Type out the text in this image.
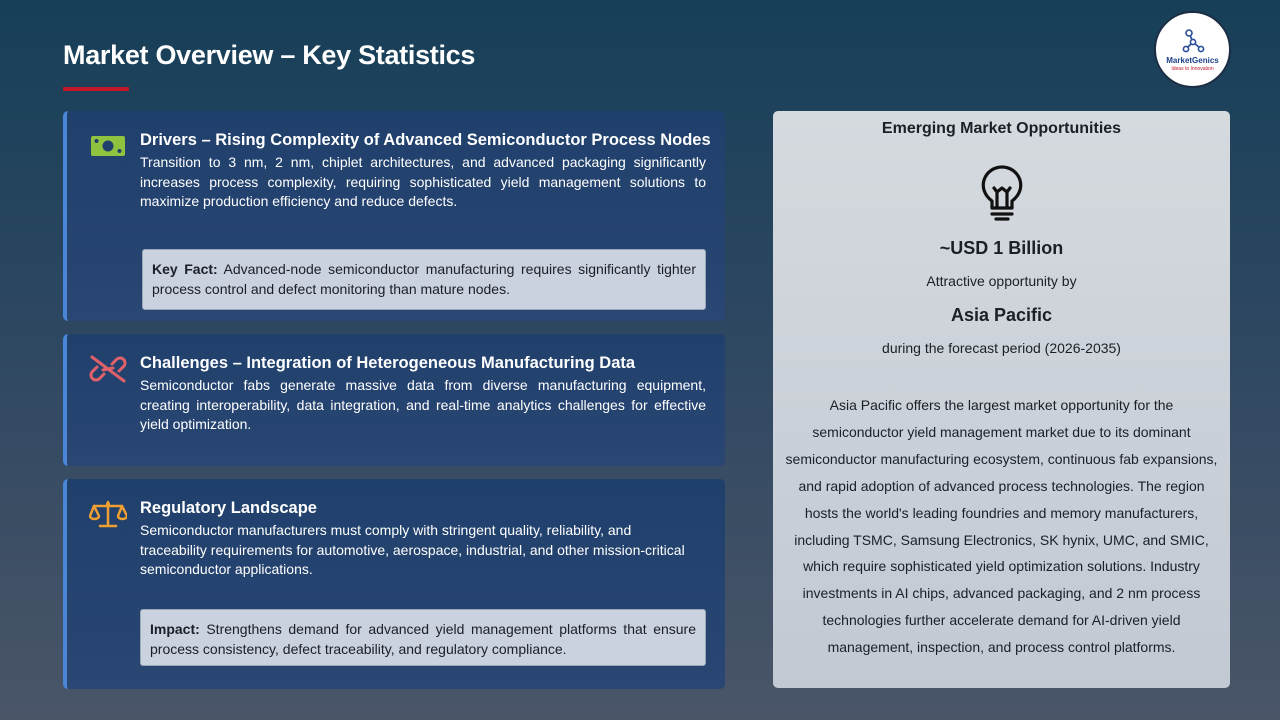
Market Overview – Key Statistics	MarketGenics
Ideas to Innovation
Drivers – Rising Complexity of Advanced Semiconductor Process Nodes
Transition to 3 nm, 2 nm, chiplet architectures, and advanced packaging significantly increases process complexity, requiring sophisticated yield management solutions to maximize production efficiency and reduce defects.
Key Fact: Advanced-node semiconductor manufacturing requires significantly tighter process control and defect monitoring than mature nodes.
Challenges – Integration of Heterogeneous Manufacturing Data
Semiconductor fabs generate massive data from diverse manufacturing equipment, creating interoperability, data integration, and real-time analytics challenges for effective yield optimization.
Regulatory Landscape
Semiconductor manufacturers must comply with stringent quality, reliability, and traceability requirements for automotive, aerospace, industrial, and other mission-critical semiconductor applications.
Impact: Strengthens demand for advanced yield management platforms that ensure process consistency, defect traceability, and regulatory compliance.
Emerging Market Opportunities
~USD 1 Billion
Attractive opportunity by
Asia Pacific
during the forecast period (2026-2035)
Asia Pacific offers the largest market opportunity for the semiconductor yield management market due to its dominant semiconductor manufacturing ecosystem, continuous fab expansions, and rapid adoption of advanced process technologies. The region hosts the world's leading foundries and memory manufacturers, including TSMC, Samsung Electronics, SK hynix, UMC, and SMIC, which require sophisticated yield optimization solutions. Industry investments in AI chips, advanced packaging, and 2 nm process technologies further accelerate demand for AI-driven yield management, inspection, and process control platforms.
